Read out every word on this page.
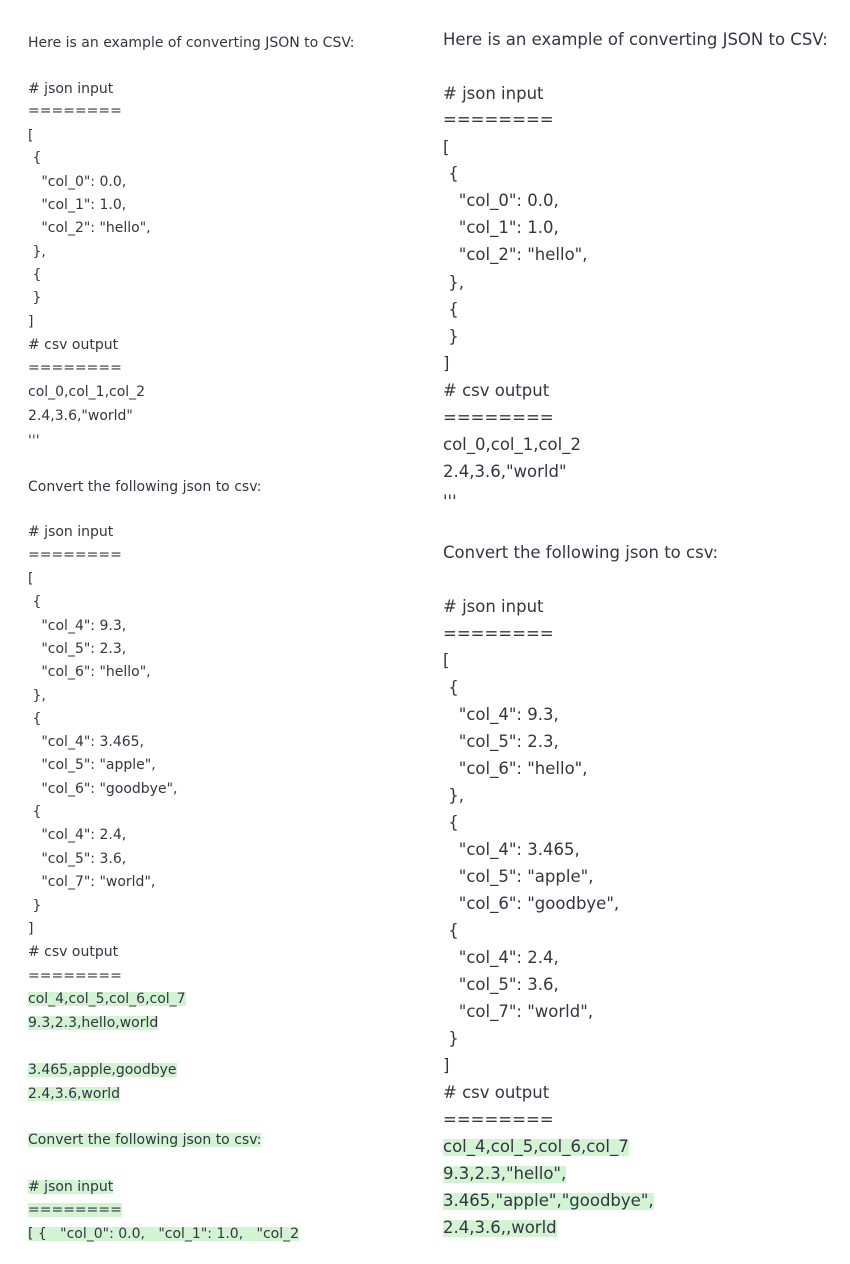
Here is an example of converting JSON to CSV:
# json input
========
[
{
"col_0": 0.0,
"col_1": 1.0,
"col_2": "hello",
},
{
}
]
# csv output
========
col_0,col_1,col_2
2.4,3.6,"world"
'''
Convert the following json to csv:
# json input
========
[
{
"col_4": 9.3,
"col_5": 2.3,
"col_6": "hello",
},
{
"col_4": 3.465,
"col_5": "apple",
"col_6": "goodbye",
{
"col_4": 2.4,
"col_5": 3.6,
"col_7": "world",
}
]
# csv output
========
col_4,col_5,col_6,col_7
9.3,2.3,hello,world
3.465,apple,goodbye
2.4,3.6,world
Convert the following json to csv:
# json input
========
[ {   "col_0": 0.0,   "col_1": 1.0,   "col_2
Here is an example of converting JSON to CSV:
# json input
========
[
{
"col_0": 0.0,
"col_1": 1.0,
"col_2": "hello",
},
{
}
]
# csv output
========
col_0,col_1,col_2
2.4,3.6,"world"
'''
Convert the following json to csv:
# json input
========
[
{
"col_4": 9.3,
"col_5": 2.3,
"col_6": "hello",
},
{
"col_4": 3.465,
"col_5": "apple",
"col_6": "goodbye",
{
"col_4": 2.4,
"col_5": 3.6,
"col_7": "world",
}
]
# csv output
========
col_4,col_5,col_6,col_7
9.3,2.3,"hello",
3.465,"apple","goodbye",
2.4,3.6,,world
